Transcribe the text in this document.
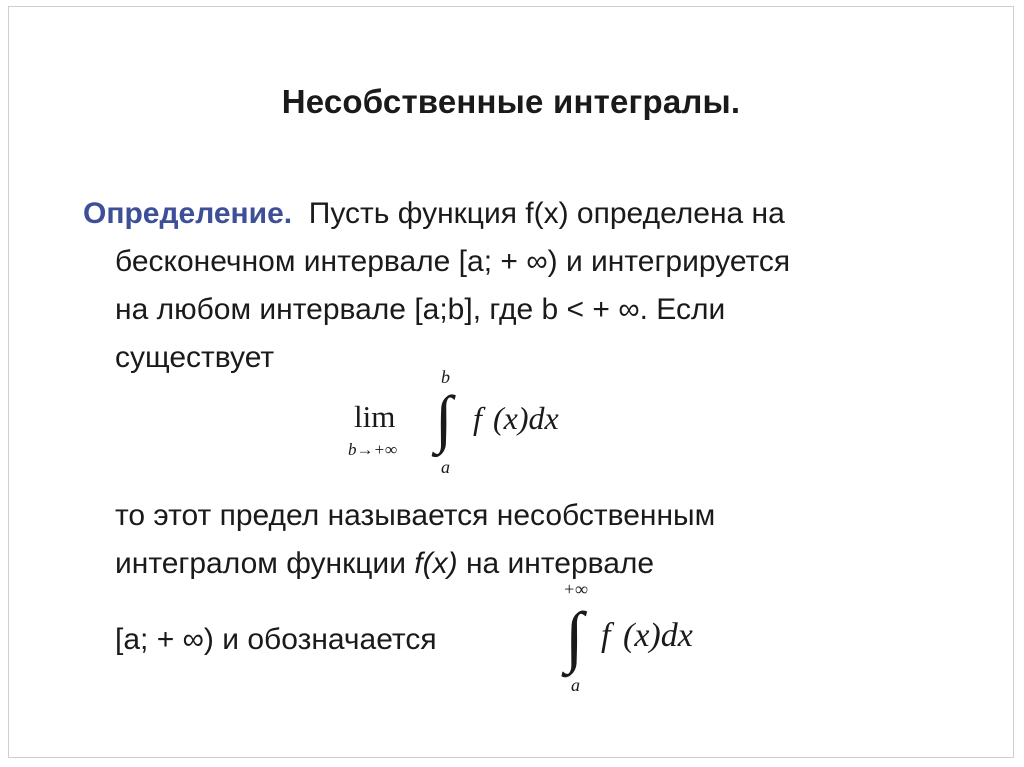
Несобственные интегралы.
Определение. Пусть функция f(x) определена на
бесконечном интервале [a; + ∞) и интегрируется
на любом интервале [a;b], где b < + ∞. Если
существует
lim
b→+∞
b
∫
a
f (x)dx
то этот предел называется несобственным
интегралом функции f(x) на интервале
[a; + ∞) и обозначается
+∞
∫
a
f (x)dx
